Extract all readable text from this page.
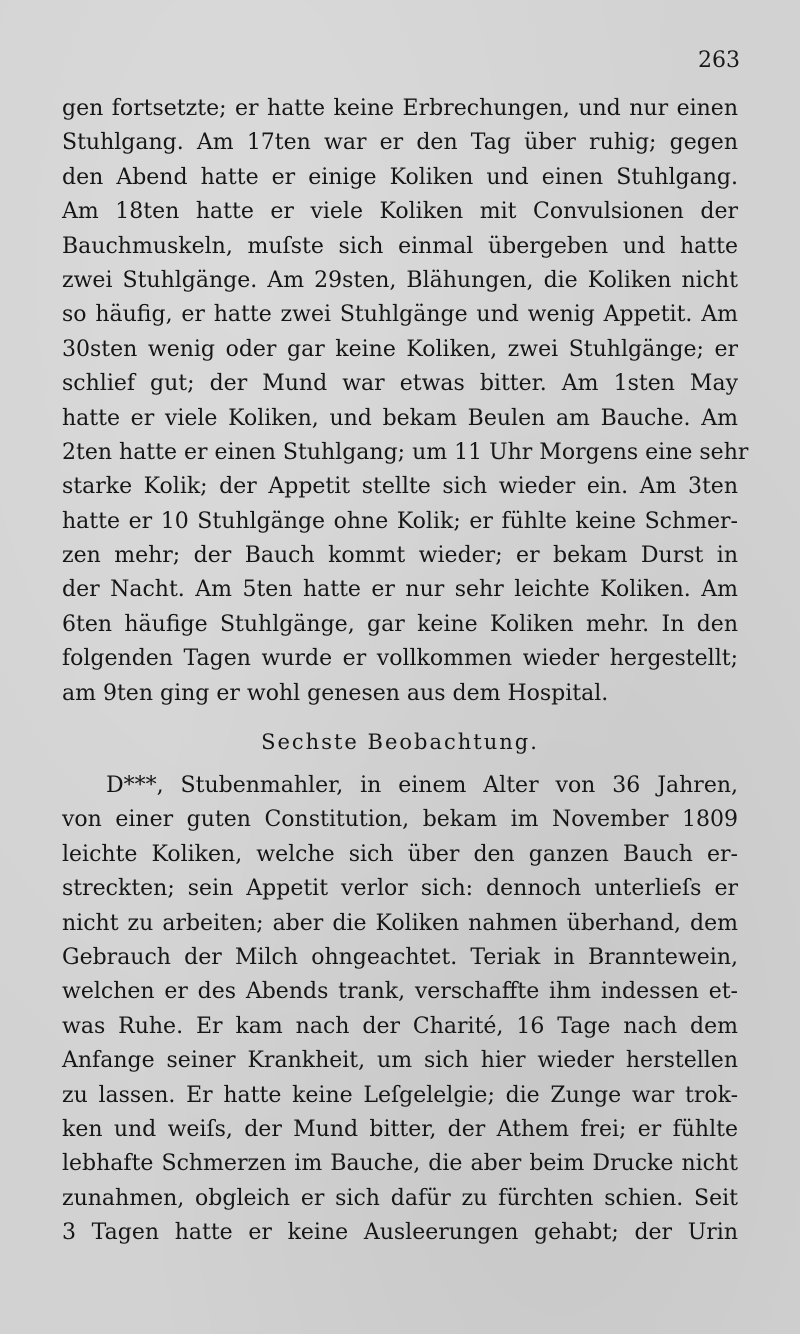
263
gen fortsetzte; er hatte keine Erbrechungen, und nur einen
Stuhlgang. Am 17ten war er den Tag über ruhig; gegen
den Abend hatte er einige Koliken und einen Stuhlgang.
Am 18ten hatte er viele Koliken mit Convulsionen der
Bauchmuskeln, muſste sich einmal übergeben und hatte
zwei Stuhlgänge. Am 29sten, Blähungen, die Koliken nicht
so häufig, er hatte zwei Stuhlgänge und wenig Appetit. Am
30sten wenig oder gar keine Koliken, zwei Stuhlgänge; er
schlief gut; der Mund war etwas bitter. Am 1sten May
hatte er viele Koliken, und bekam Beulen am Bauche. Am
2ten hatte er einen Stuhlgang; um 11 Uhr Morgens eine sehr
starke Kolik; der Appetit stellte sich wieder ein. Am 3ten
hatte er 10 Stuhlgänge ohne Kolik; er fühlte keine Schmer-
zen mehr; der Bauch kommt wieder; er bekam Durst in
der Nacht. Am 5ten hatte er nur sehr leichte Koliken. Am
6ten häufige Stuhlgänge, gar keine Koliken mehr. In den
folgenden Tagen wurde er vollkommen wieder hergestellt;
am 9ten ging er wohl genesen aus dem Hospital.
Sechste Beobachtung.
D***, Stubenmahler, in einem Alter von 36 Jahren,
von einer guten Constitution, bekam im November 1809
leichte Koliken, welche sich über den ganzen Bauch er-
streckten; sein Appetit verlor sich: dennoch unterlieſs er
nicht zu arbeiten; aber die Koliken nahmen überhand, dem
Gebrauch der Milch ohngeachtet. Teriak in Branntewein,
welchen er des Abends trank, verschaffte ihm indessen et-
was Ruhe. Er kam nach der Charité, 16 Tage nach dem
Anfange seiner Krankheit, um sich hier wieder herstellen
zu lassen. Er hatte keine Leſgelelgie; die Zunge war trok-
ken und weiſs, der Mund bitter, der Athem frei; er fühlte
lebhafte Schmerzen im Bauche, die aber beim Drucke nicht
zunahmen, obgleich er sich dafür zu fürchten schien. Seit
3 Tagen hatte er keine Ausleerungen gehabt; der Urin
